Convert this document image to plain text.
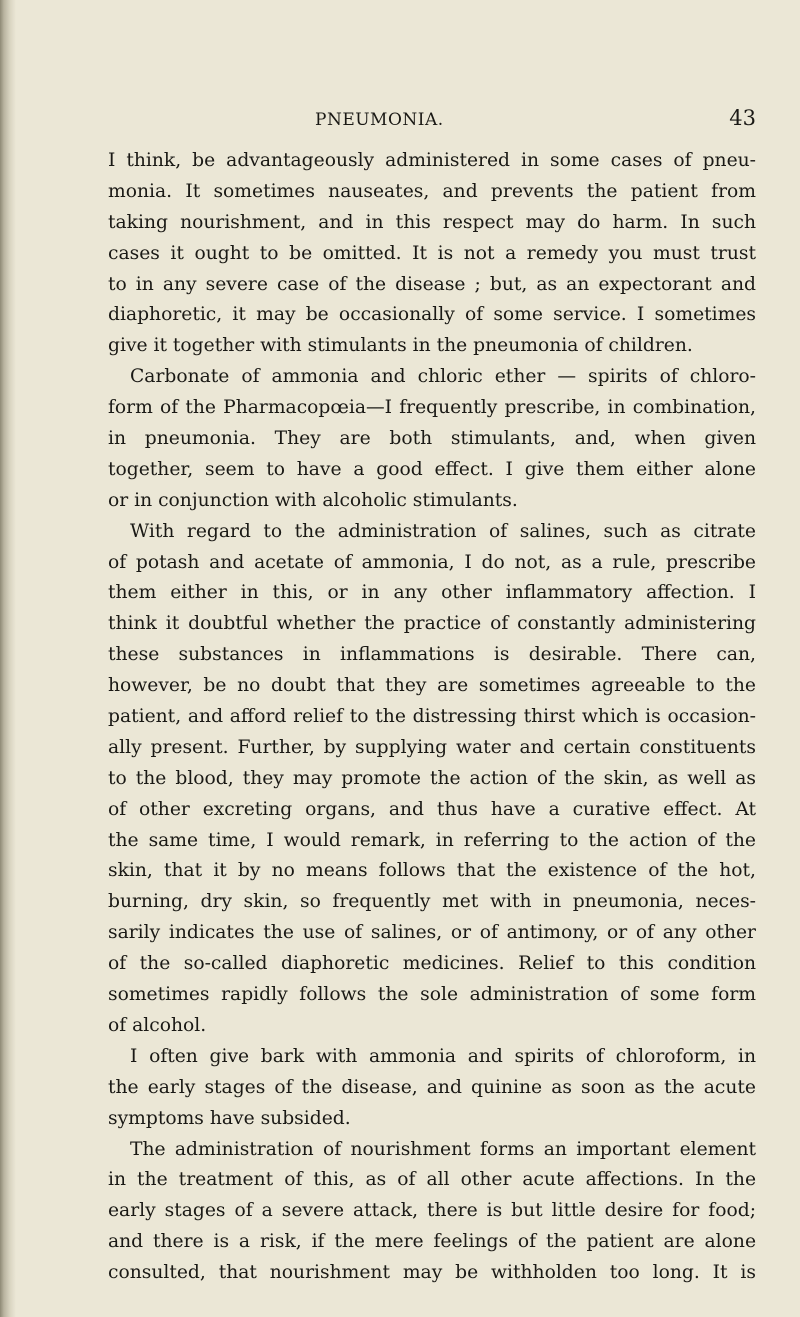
PNEUMONIA.	43
I think, be advantageously administered in some cases of pneu-
monia. It sometimes nauseates, and prevents the patient from
taking nourishment, and in this respect may do harm. In such
cases it ought to be omitted. It is not a remedy you must trust
to in any severe case of the disease ; but, as an expectorant and
diaphoretic, it may be occasionally of some service. I sometimes
give it together with stimulants in the pneumonia of children.
Carbonate of ammonia and chloric ether — spirits of chloro-
form of the Pharmacopœia—I frequently prescribe, in combination,
in pneumonia. They are both stimulants, and, when given
together, seem to have a good effect. I give them either alone
or in conjunction with alcoholic stimulants.
With regard to the administration of salines, such as citrate
of potash and acetate of ammonia, I do not, as a rule, prescribe
them either in this, or in any other inflammatory affection. I
think it doubtful whether the practice of constantly administering
these substances in inflammations is desirable. There can,
however, be no doubt that they are sometimes agreeable to the
patient, and afford relief to the distressing thirst which is occasion-
ally present. Further, by supplying water and certain constituents
to the blood, they may promote the action of the skin, as well as
of other excreting organs, and thus have a curative effect. At
the same time, I would remark, in referring to the action of the
skin, that it by no means follows that the existence of the hot,
burning, dry skin, so frequently met with in pneumonia, neces-
sarily indicates the use of salines, or of antimony, or of any other
of the so-called diaphoretic medicines. Relief to this condition
sometimes rapidly follows the sole administration of some form
of alcohol.
I often give bark with ammonia and spirits of chloroform, in
the early stages of the disease, and quinine as soon as the acute
symptoms have subsided.
The administration of nourishment forms an important element
in the treatment of this, as of all other acute affections. In the
early stages of a severe attack, there is but little desire for food;
and there is a risk, if the mere feelings of the patient are alone
consulted, that nourishment may be withholden too long. It is
